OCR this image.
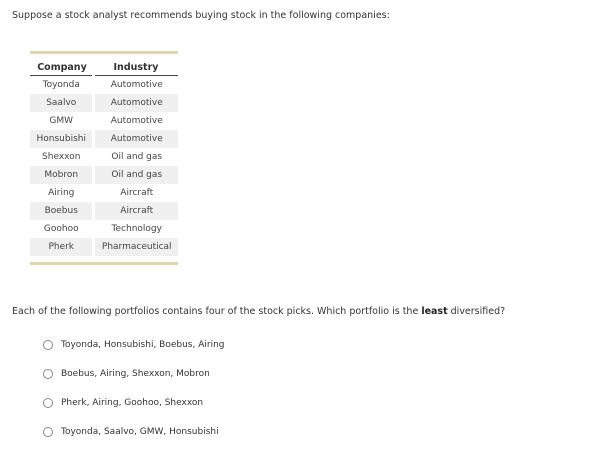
Suppose a stock analyst recommends buying stock in the following companies:
Company	Industry
Toyonda	Automotive
Saalvo	Automotive
GMW	Automotive
Honsubishi	Automotive
Shexxon	Oil and gas
Mobron	Oil and gas
Airing	Aircraft
Boebus	Aircraft
Goohoo	Technology
Pherk	Pharmaceutical
Each of the following portfolios contains four of the stock picks. Which portfolio is the least diversified?
Toyonda, Honsubishi, Boebus, Airing
Boebus, Airing, Shexxon, Mobron
Pherk, Airing, Goohoo, Shexxon
Toyonda, Saalvo, GMW, Honsubishi
